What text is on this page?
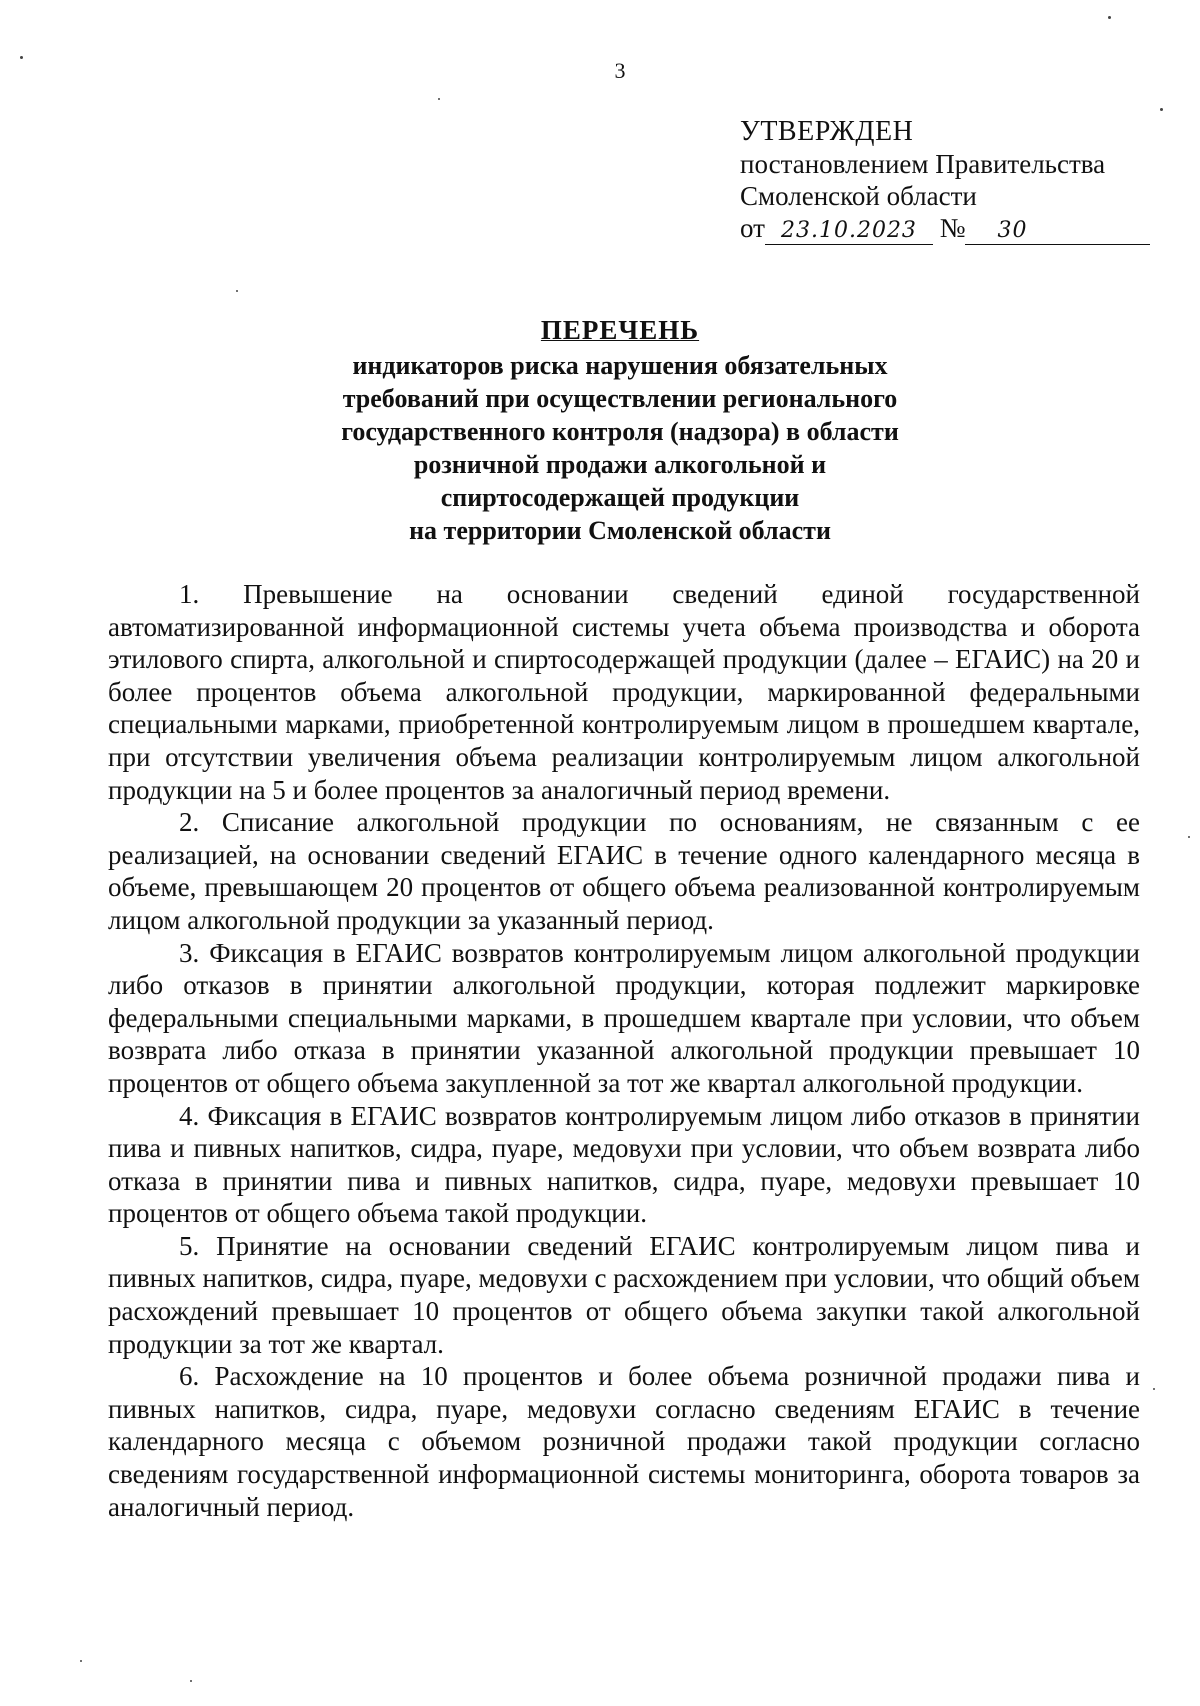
3
УТВЕРЖДЕН
постановлением Правительства
Смоленской области
от 23.10.2023 № 30
ПЕРЕЧЕНЬ
индикаторов риска нарушения обязательных
требований при осуществлении регионального
государственного контроля (надзора) в области
розничной продажи алкогольной и
спиртосодержащей продукции
на территории Смоленской области

1. Превышение на основании сведений единой государственной автоматизированной информационной системы учета объема производства и оборота этилового спирта, алкогольной и спиртосодержащей продукции (далее – ЕГАИС) на 20 и более процентов объема алкогольной продукции, маркированной федеральными специальными марками, приобретенной контролируемым лицом в прошедшем квартале, при отсутствии увеличения объема реализации контролируемым лицом алкогольной продукции на 5 и более процентов за аналогичный период времени.

2. Списание алкогольной продукции по основаниям, не связанным с ее реализацией, на основании сведений ЕГАИС в течение одного календарного месяца в объеме, превышающем 20 процентов от общего объема реализованной контролируемым лицом алкогольной продукции за указанный период.

3. Фиксация в ЕГАИС возвратов контролируемым лицом алкогольной продукции либо отказов в принятии алкогольной продукции, которая подлежит маркировке федеральными специальными марками, в прошедшем квартале при условии, что объем возврата либо отказа в принятии указанной алкогольной продукции превышает 10 процентов от общего объема закупленной за тот же квартал алкогольной продукции.

4. Фиксация в ЕГАИС возвратов контролируемым лицом либо отказов в принятии пива и пивных напитков, сидра, пуаре, медовухи при условии, что объем возврата либо отказа в принятии пива и пивных напитков, сидра, пуаре, медовухи превышает 10 процентов от общего объема такой продукции.

5. Принятие на основании сведений ЕГАИС контролируемым лицом пива и пивных напитков, сидра, пуаре, медовухи с расхождением при условии, что общий объем расхождений превышает 10 процентов от общего объема закупки такой алкогольной продукции за тот же квартал.

6. Расхождение на 10 процентов и более объема розничной продажи пива и пивных напитков, сидра, пуаре, медовухи согласно сведениям ЕГАИС в течение календарного месяца с объемом розничной продажи такой продукции согласно сведениям государственной информационной системы мониторинга, оборота товаров за аналогичный период.
